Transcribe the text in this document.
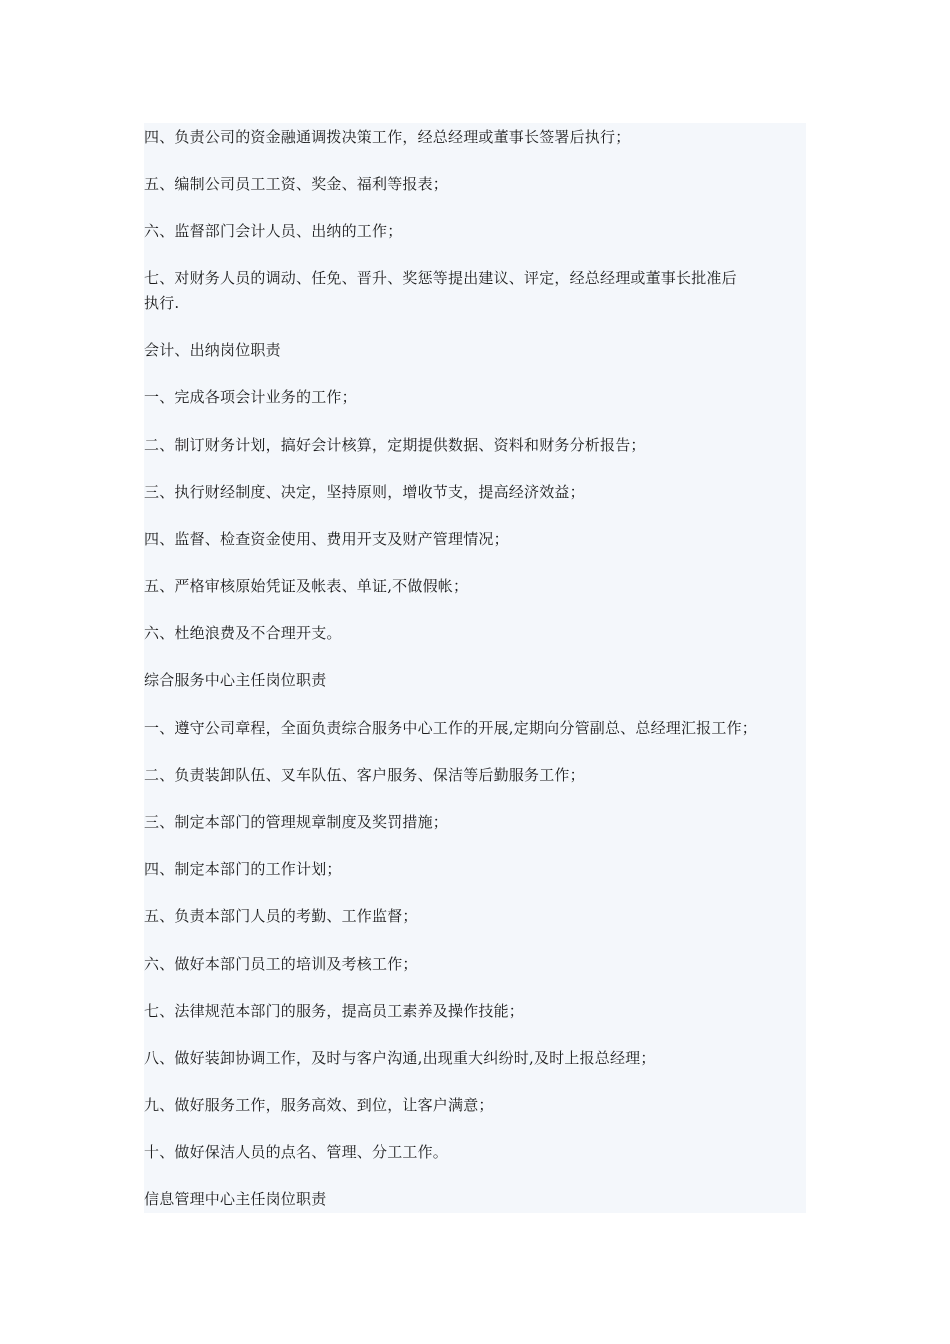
四、负责公司的资金融通调拨决策工作，经总经理或董事长签署后执行；
五、编制公司员工工资、奖金、福利等报表；
六、监督部门会计人员、出纳的工作；
七、对财务人员的调动、任免、晋升、奖惩等提出建议、评定，经总经理或董事长批准后
执行.
会计、出纳岗位职责
一、完成各项会计业务的工作；
二、制订财务计划，搞好会计核算，定期提供数据、资料和财务分析报告；
三、执行财经制度、决定，坚持原则，增收节支，提高经济效益；
四、监督、检查资金使用、费用开支及财产管理情况；
五、严格审核原始凭证及帐表、单证,不做假帐；
六、杜绝浪费及不合理开支。
综合服务中心主任岗位职责
一、遵守公司章程，全面负责综合服务中心工作的开展,定期向分管副总、总经理汇报工作；
二、负责装卸队伍、叉车队伍、客户服务、保洁等后勤服务工作；
三、制定本部门的管理规章制度及奖罚措施；
四、制定本部门的工作计划；
五、负责本部门人员的考勤、工作监督；
六、做好本部门员工的培训及考核工作；
七、法律规范本部门的服务，提高员工素养及操作技能；
八、做好装卸协调工作，及时与客户沟通,出现重大纠纷时,及时上报总经理；
九、做好服务工作，服务高效、到位，让客户满意；
十、做好保洁人员的点名、管理、分工工作。
信息管理中心主任岗位职责
